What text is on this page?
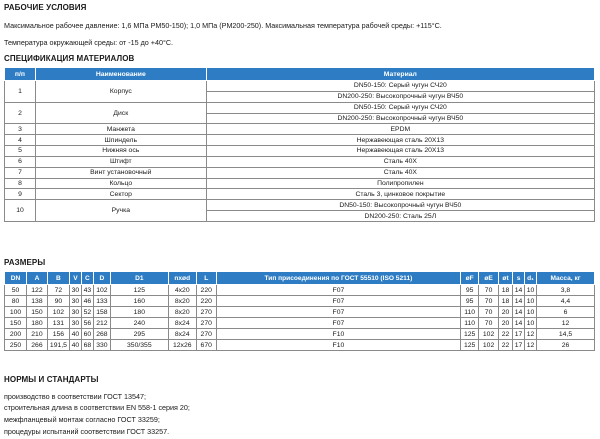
РАБОЧИЕ УСЛОВИЯ
Максимальное рабочее давление: 1,6 МПа PM50-150); 1,0 МПа (PM200-250). Максимальная температура рабочей среды: +115°С.
Температура окружающей среды: от -15 до +40°С.
СПЕЦИФИКАЦИЯ МАТЕРИАЛОВ
п/п	Наименование	Материал
1	Корпус	DN50-150: Серый чугун СЧ20
		DN200-250: Высокопрочный чугун ВЧ50
2	Диск	DN50-150: Серый чугун СЧ20
		DN200-250: Высокопрочный чугун ВЧ50
3	Манжета	EPDM
4	Шпиндель	Нержавеющая сталь 20Х13
5	Нижняя ось	Нержавеющая сталь 20Х13
6	Штифт	Сталь 40Х
7	Винт установочный	Сталь 40Х
8	Кольцо	Полипропилен
9	Сектор	Сталь 3, цинковое покрытие
10	Ручка	DN50-150: Высокопрочный чугун ВЧ50
		DN200-250: Сталь 25Л
РАЗМЕРЫ
DN	A	B	V	C	D	D1	nxød	L	Тип присоединения по ГОСТ 55510 (ISO 5211)	øF	øE	øt	s	d₁	Масса, кг
50	122	72	30	43	102	125	4x20	220	F07	95	70	18	14	10	3,8
80	138	90	30	46	133	160	8x20	220	F07	95	70	18	14	10	4,4
100	150	102	30	52	158	180	8x20	270	F07	110	70	20	14	10	6
150	180	131	30	56	212	240	8x24	270	F07	110	70	20	14	10	12
200	210	156	40	60	268	295	8x24	270	F10	125	102	22	17	12	14,5
250	266	191,5	40	68	330	350/355	12x26	670	F10	125	102	22	17	12	26
НОРМЫ И СТАНДАРТЫ
производство в соответствии ГОСТ 13547;
строительная длина в соответствии EN 558-1 серия 20;
межфланцевый монтаж согласно ГОСТ 33259;
процедуры испытаний соответствии ГОСТ 33257.
